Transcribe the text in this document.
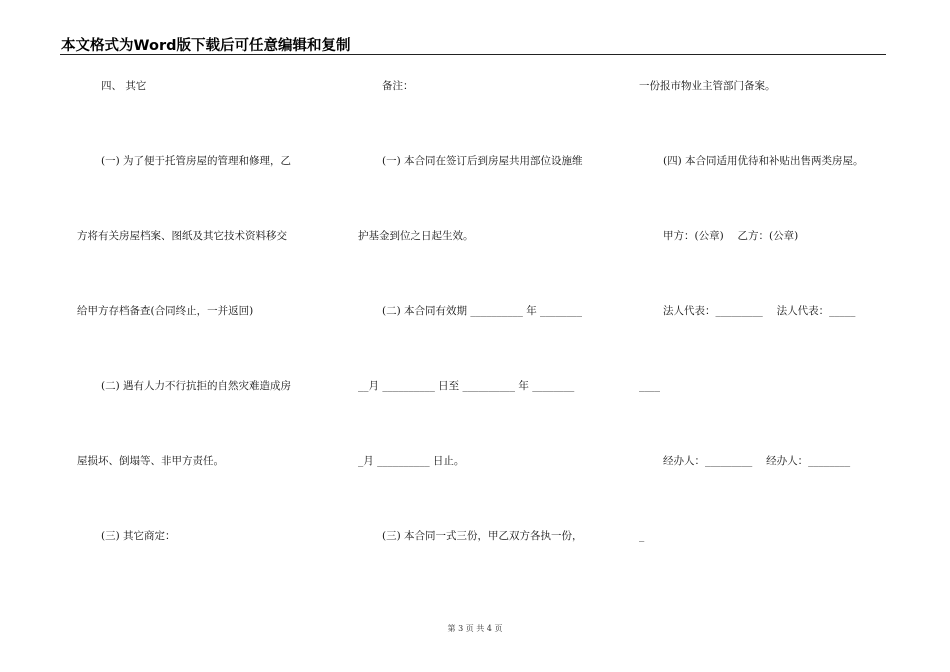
本文格式为Word版下载后可任意编辑和复制
四、 其它
(一) 为了便于托管房屋的管理和修理，乙
方将有关房屋档案、图纸及其它技术资料移交
给甲方存档备查(合同终止，一并返回)
(二) 遇有人力不行抗拒的自然灾难造成房
屋损坏、倒塌等、非甲方责任。
(三) 其它商定：
备注：
(一) 本合同在签订后到房屋共用部位设施维
护基金到位之日起生效。
(二) 本合同有效期 __________ 年 ________
__月 __________ 日至 __________ 年 ________
_月 __________ 日止。
(三) 本合同一式三份，甲乙双方各执一份，
一份报市物业主管部门备案。
(四) 本合同适用优待和补贴出售两类房屋。
甲方：(公章)　 乙方：(公章)
法人代表：_________　 法人代表：_____
____
经办人：_________　 经办人：________
_
第 3 页 共 4 页
